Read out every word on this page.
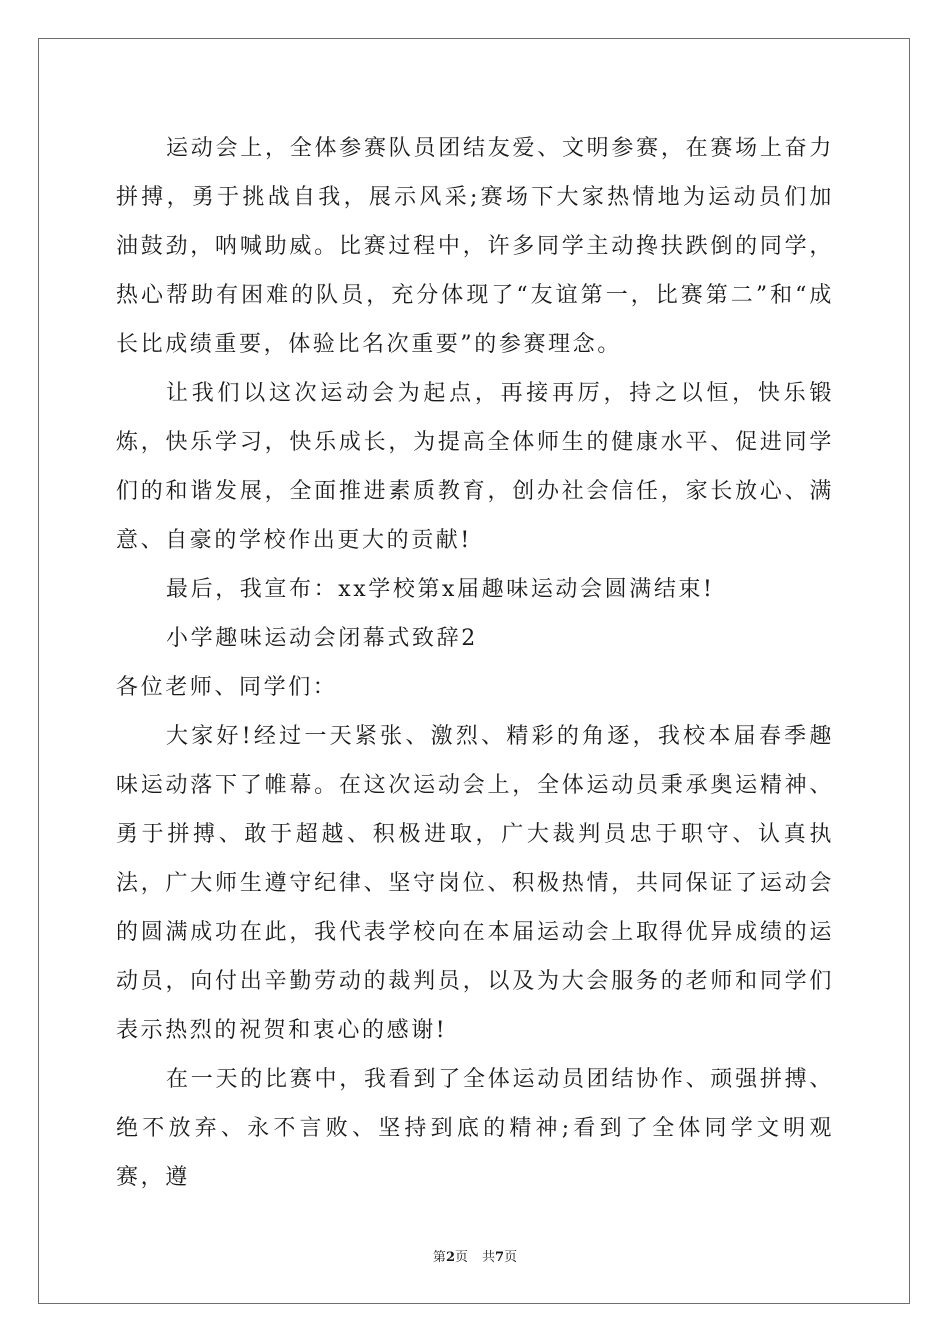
运动会上，全体参赛队员团结友爱、文明参赛，在赛场上奋力拼搏，勇于挑战自我，展示风采;赛场下大家热情地为运动员们加油鼓劲，呐喊助威。比赛过程中，许多同学主动搀扶跌倒的同学，热心帮助有困难的队员，充分体现了“友谊第一，比赛第二”和“成长比成绩重要，体验比名次重要”的参赛理念。

让我们以这次运动会为起点，再接再厉，持之以恒，快乐锻炼，快乐学习，快乐成长，为提高全体师生的健康水平、促进同学们的和谐发展，全面推进素质教育，创办社会信任，家长放心、满意、自豪的学校作出更大的贡献!

最后，我宣布：xx学校第x届趣味运动会圆满结束!

小学趣味运动会闭幕式致辞2

各位老师、同学们：

大家好!经过一天紧张、激烈、精彩的角逐，我校本届春季趣味运动落下了帷幕。在这次运动会上，全体运动员秉承奥运精神、勇于拼搏、敢于超越、积极进取，广大裁判员忠于职守、认真执法，广大师生遵守纪律、坚守岗位、积极热情，共同保证了运动会的圆满成功在此，我代表学校向在本届运动会上取得优异成绩的运动员，向付出辛勤劳动的裁判员，以及为大会服务的老师和同学们表示热烈的祝贺和衷心的感谢!

在一天的比赛中，我看到了全体运动员团结协作、顽强拼搏、绝不放弃、永不言败、坚持到底的精神;看到了全体同学文明观赛，遵

第2页 共7页
